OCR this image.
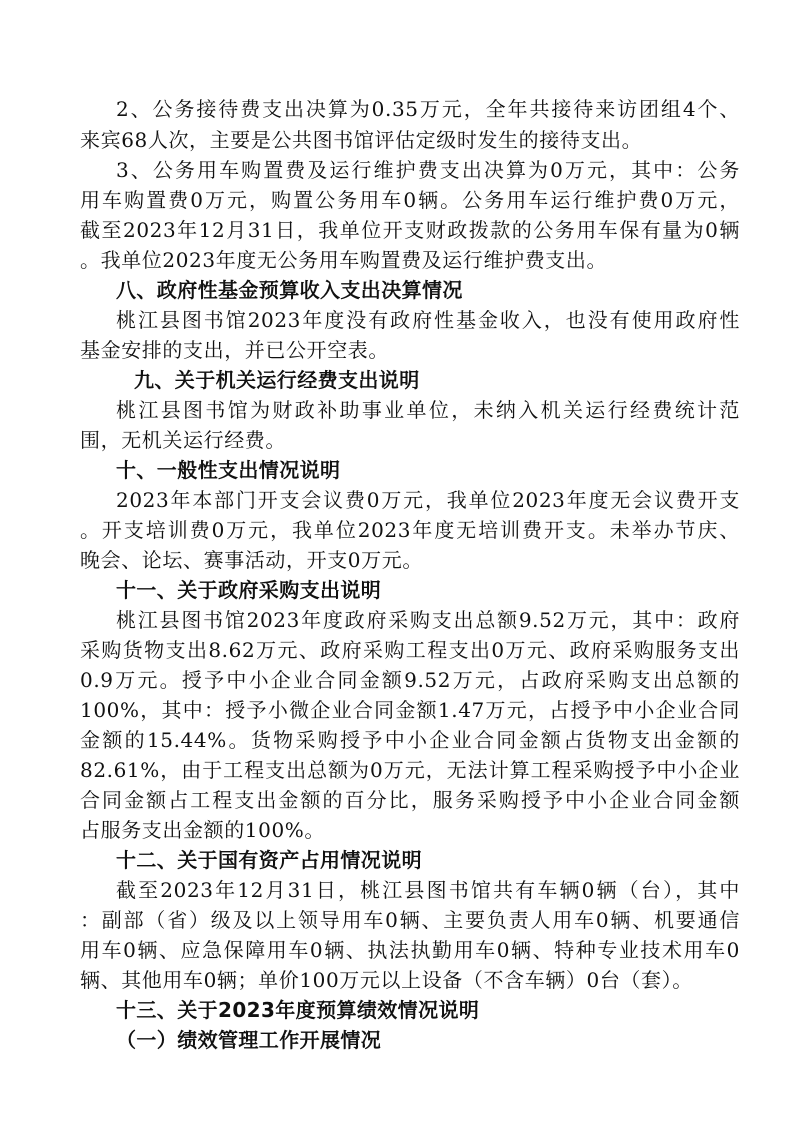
2、公务接待费支出决算为0.35万元，全年共接待来访团组4个、
来宾68人次，主要是公共图书馆评估定级时发生的接待支出。
3、公务用车购置费及运行维护费支出决算为0万元，其中：公务
用车购置费0万元，购置公务用车0辆。公务用车运行维护费0万元，
截至2023年12月31日，我单位开支财政拨款的公务用车保有量为0辆
。我单位2023年度无公务用车购置费及运行维护费支出。
八、政府性基金预算收入支出决算情况
桃江县图书馆2023年度没有政府性基金收入，也没有使用政府性
基金安排的支出，并已公开空表。
九、关于机关运行经费支出说明
桃江县图书馆为财政补助事业单位，未纳入机关运行经费统计范
围，无机关运行经费。
十、一般性支出情况说明
2023年本部门开支会议费0万元，我单位2023年度无会议费开支
。开支培训费0万元，我单位2023年度无培训费开支。未举办节庆、
晚会、论坛、赛事活动，开支0万元。
十一、关于政府采购支出说明
桃江县图书馆2023年度政府采购支出总额9.52万元，其中：政府
采购货物支出8.62万元、政府采购工程支出0万元、政府采购服务支出
0.9万元。授予中小企业合同金额9.52万元，占政府采购支出总额的
100%，其中：授予小微企业合同金额1.47万元，占授予中小企业合同
金额的15.44%。货物采购授予中小企业合同金额占货物支出金额的
82.61%，由于工程支出总额为0万元，无法计算工程采购授予中小企业
合同金额占工程支出金额的百分比，服务采购授予中小企业合同金额
占服务支出金额的100%。
十二、关于国有资产占用情况说明
截至2023年12月31日，桃江县图书馆共有车辆0辆（台），其中
：副部（省）级及以上领导用车0辆、主要负责人用车0辆、机要通信
用车0辆、应急保障用车0辆、执法执勤用车0辆、特种专业技术用车0
辆、其他用车0辆；单价100万元以上设备（不含车辆）0台（套）。
十三、关于2023年度预算绩效情况说明
（一）绩效管理工作开展情况
